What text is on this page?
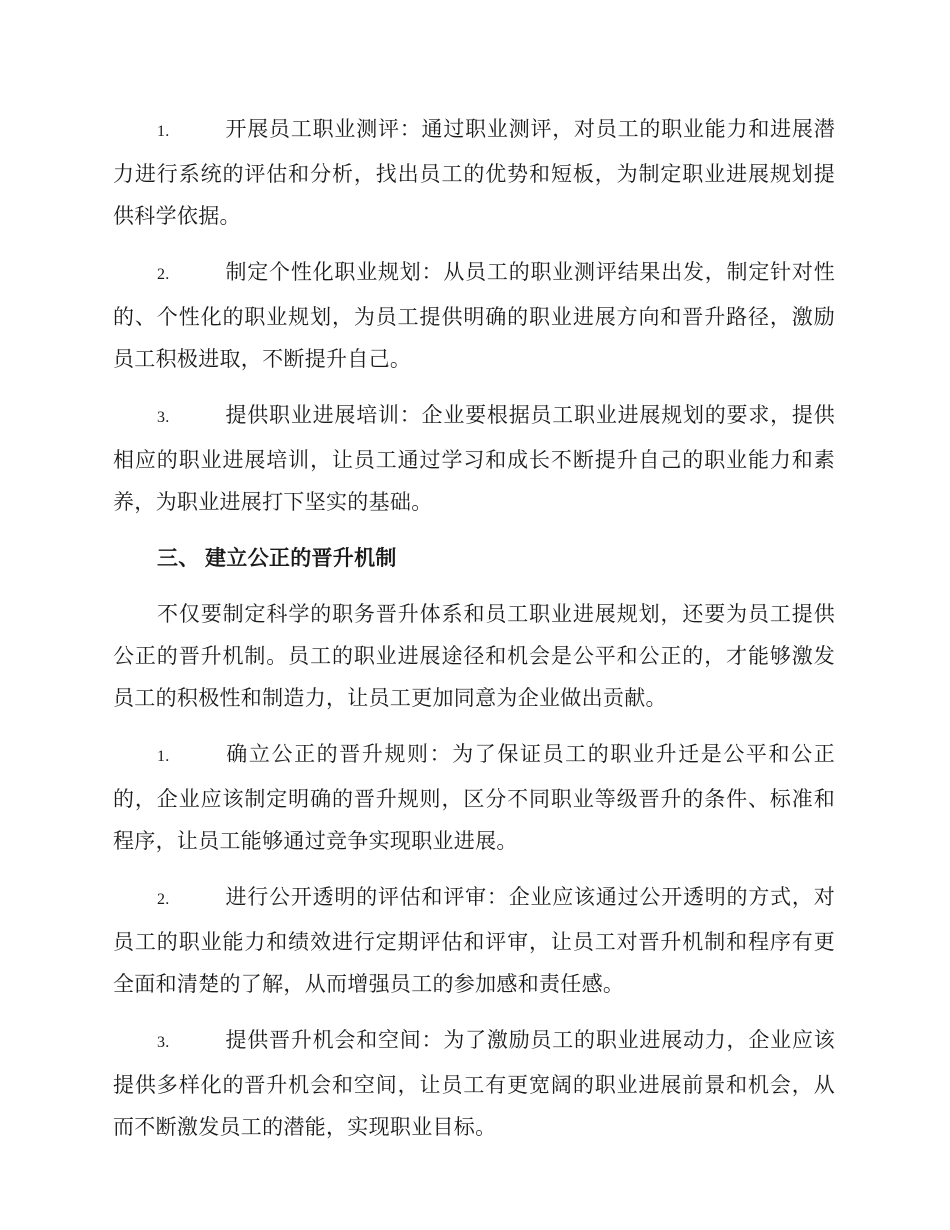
1.	开展员工职业测评：通过职业测评，对员工的职业能力和进展潜力进行系统的评估和分析，找出员工的优势和短板，为制定职业进展规划提供科学依据。

2.	制定个性化职业规划：从员工的职业测评结果出发，制定针对性的、个性化的职业规划，为员工提供明确的职业进展方向和晋升路径，激励员工积极进取，不断提升自己。

3.	提供职业进展培训：企业要根据员工职业进展规划的要求，提供相应的职业进展培训，让员工通过学习和成长不断提升自己的职业能力和素养，为职业进展打下坚实的基础。

三、 建立公正的晋升机制

不仅要制定科学的职务晋升体系和员工职业进展规划，还要为员工提供公正的晋升机制。员工的职业进展途径和机会是公平和公正的，才能够激发员工的积极性和制造力，让员工更加同意为企业做出贡献。

1.	确立公正的晋升规则：为了保证员工的职业升迁是公平和公正的，企业应该制定明确的晋升规则，区分不同职业等级晋升的条件、标准和程序，让员工能够通过竞争实现职业进展。

2.	进行公开透明的评估和评审：企业应该通过公开透明的方式，对员工的职业能力和绩效进行定期评估和评审，让员工对晋升机制和程序有更全面和清楚的了解，从而增强员工的参加感和责任感。

3.	提供晋升机会和空间：为了激励员工的职业进展动力，企业应该提供多样化的晋升机会和空间，让员工有更宽阔的职业进展前景和机会，从而不断激发员工的潜能，实现职业目标。
